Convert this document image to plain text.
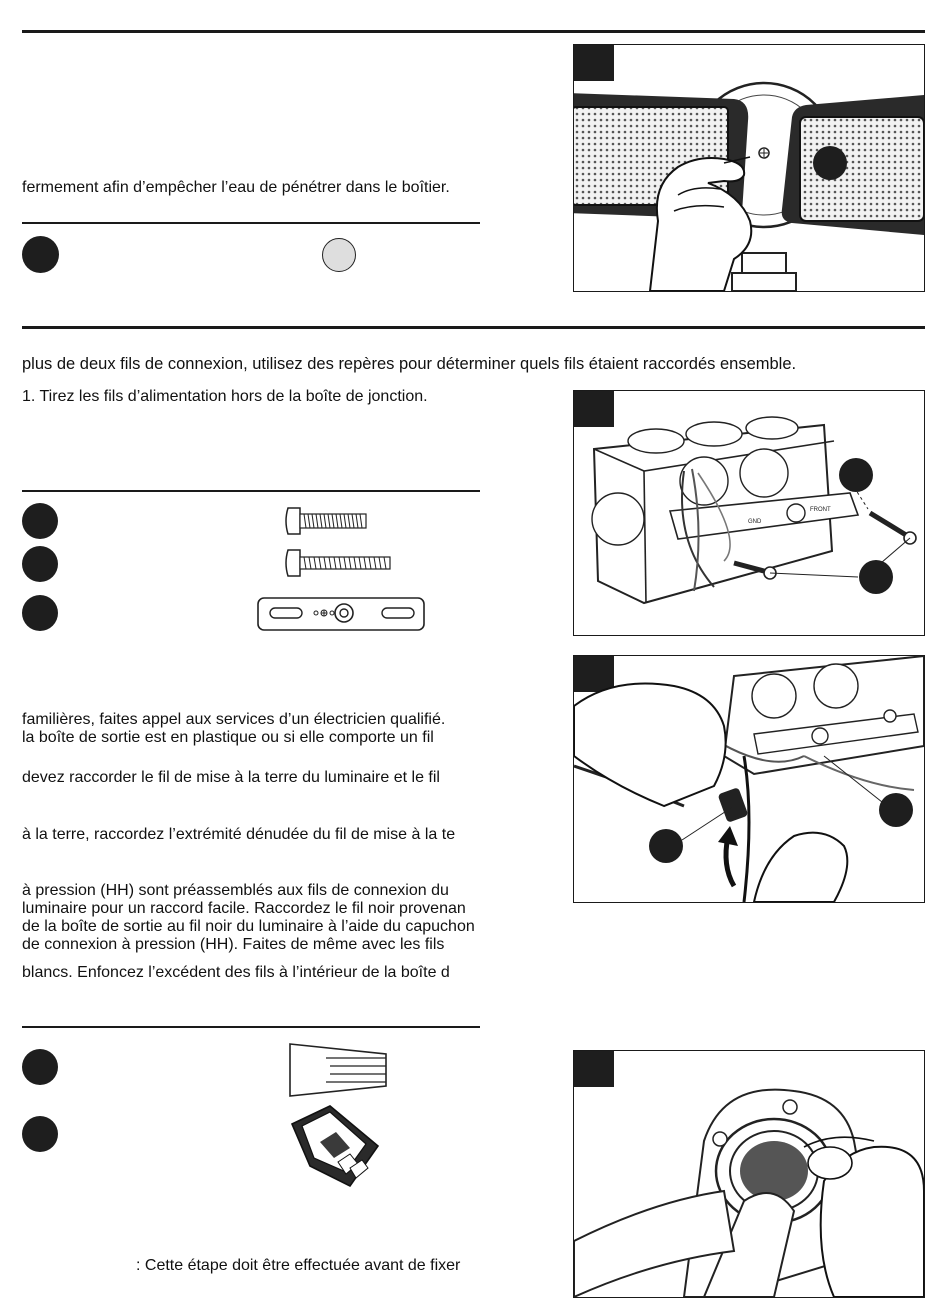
fermement afin d’empêcher l’eau de pénétrer dans le boîtier.
plus de deux fils de connexion, utilisez des repères pour déterminer quels fils étaient raccordés ensemble.
1. Tirez les fils d’alimentation hors de la boîte de jonction.
GND
FRONT
familières, faites appel aux services d’un électricien qualifié.
la boîte de sortie est en plastique ou si elle comporte un fil
devez raccorder le fil de mise à la terre du luminaire et le fil
à la terre, raccordez l’extrémité dénudée du fil de mise à la te
à pression (HH) sont préassemblés aux fils de connexion du
luminaire pour un raccord facile. Raccordez le fil noir provenan
de la boîte de sortie au fil noir du luminaire à l’aide du capuchon
de connexion à pression (HH). Faites de même avec les fils
blancs. Enfoncez l’excédent des fils à l’intérieur de la boîte d
: Cette étape doit être effectuée avant de fixer
